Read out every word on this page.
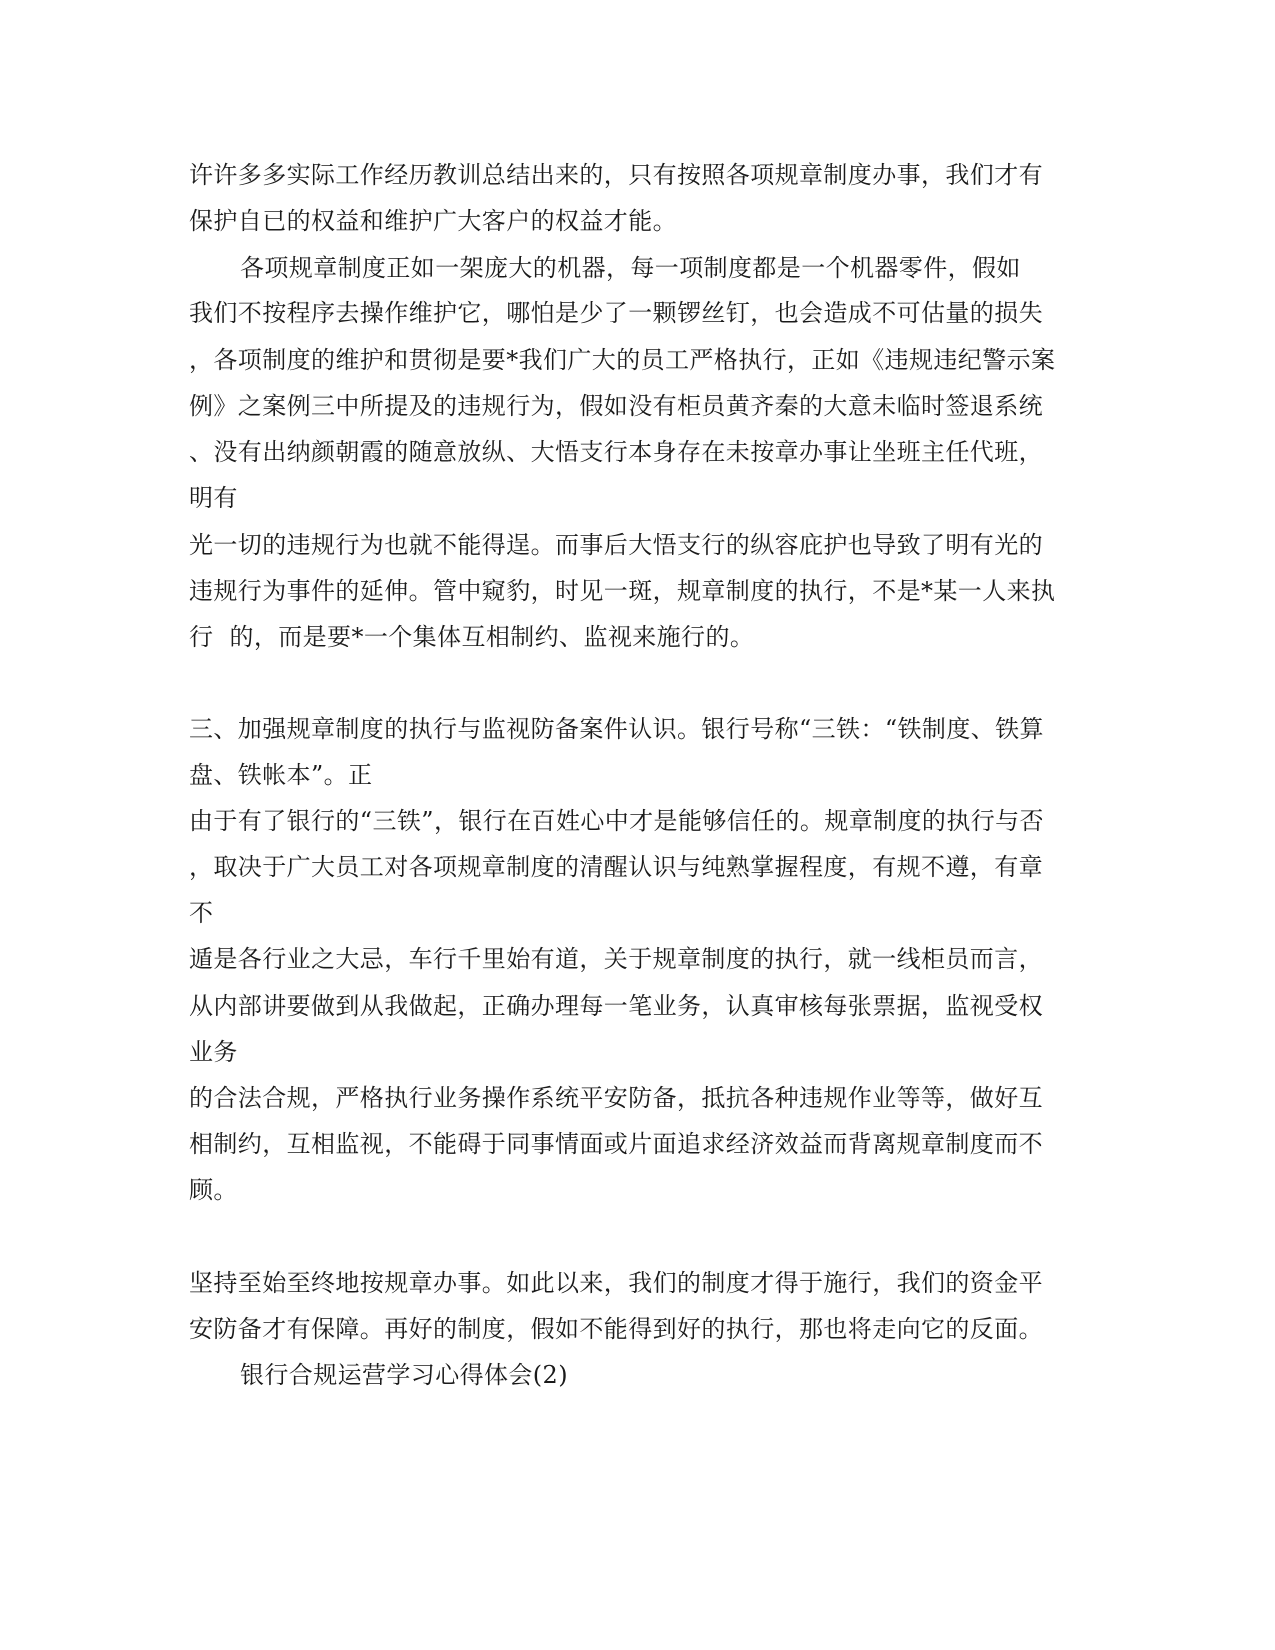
许许多多实际工作经历教训总结出来的，只有按照各项规章制度办事，我们才有
保护自已的权益和维护广大客户的权益才能。
各项规章制度正如一架庞大的机器，每一项制度都是一个机器零件，假如
我们不按程序去操作维护它，哪怕是少了一颗锣丝钉，也会造成不可估量的损失
，各项制度的维护和贯彻是要*我们广大的员工严格执行，正如《违规违纪警示案
例》之案例三中所提及的违规行为，假如没有柜员黄齐秦的大意未临时签退系统
、没有出纳颜朝霞的随意放纵、大悟支行本身存在未按章办事让坐班主任代班，
明有
光一切的违规行为也就不能得逞。而事后大悟支行的纵容庇护也导致了明有光的
违规行为事件的延伸。管中窥豹，时见一斑，规章制度的执行，不是*某一人来执
行  的，而是要*一个集体互相制约、监视来施行的。
三、加强规章制度的执行与监视防备案件认识。银行号称“三铁：“铁制度、铁算
盘、铁帐本”。正
由于有了银行的“三铁”，银行在百姓心中才是能够信任的。规章制度的执行与否
，取决于广大员工对各项规章制度的清醒认识与纯熟掌握程度，有规不遵，有章
不
遁是各行业之大忌，车行千里始有道，关于规章制度的执行，就一线柜员而言，
从内部讲要做到从我做起，正确办理每一笔业务，认真审核每张票据，监视受权
业务
的合法合规，严格执行业务操作系统平安防备，抵抗各种违规作业等等，做好互
相制约，互相监视，不能碍于同事情面或片面追求经济效益而背离规章制度而不
顾。
坚持至始至终地按规章办事。如此以来，我们的制度才得于施行，我们的资金平
安防备才有保障。再好的制度，假如不能得到好的执行，那也将走向它的反面。
银行合规运营学习心得体会(2)
